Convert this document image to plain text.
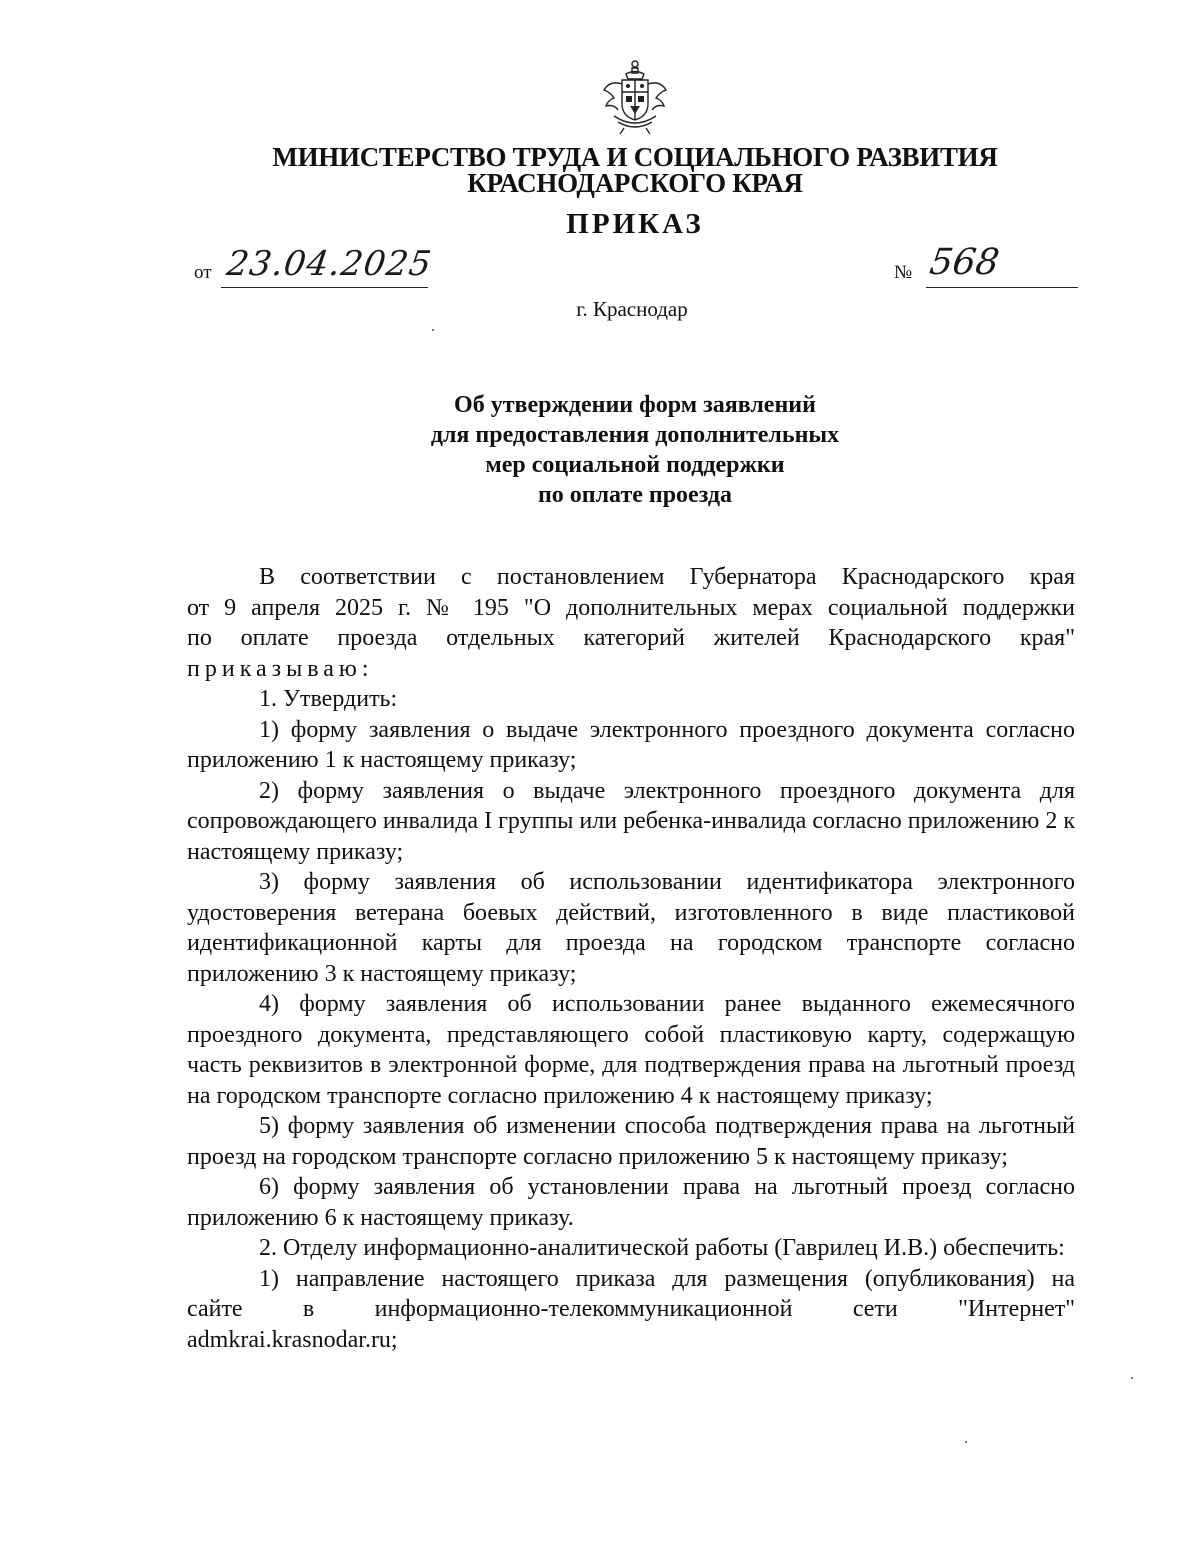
МИНИСТЕРСТВО ТРУДА И СОЦИАЛЬНОГО РАЗВИТИЯ
КРАСНОДАРСКОГО КРАЯ
ПРИКАЗ
от 23.04.2025	№ 568
г. Краснодар
Об утверждении форм заявлений
для предоставления дополнительных
мер социальной поддержки
по оплате проезда
В соответствии с постановлением Губернатора Краснодарского края
от 9 апреля 2025 г. № 195 "О дополнительных мерах социальной поддержки
по оплате проезда отдельных категорий жителей Краснодарского края"
приказываю:
1. Утвердить:
1) форму заявления о выдаче электронного проездного документа согласно приложению 1 к настоящему приказу;
2) форму заявления о выдаче электронного проездного документа для сопровождающего инвалида I группы или ребенка-инвалида согласно приложению 2 к настоящему приказу;
3) форму заявления об использовании идентификатора электронного удостоверения ветерана боевых действий, изготовленного в виде пластиковой идентификационной карты для проезда на городском транспорте согласно приложению 3 к настоящему приказу;
4) форму заявления об использовании ранее выданного ежемесячного проездного документа, представляющего собой пластиковую карту, содержащую часть реквизитов в электронной форме, для подтверждения права на льготный проезд на городском транспорте согласно приложению 4 к настоящему приказу;
5) форму заявления об изменении способа подтверждения права на льготный проезд на городском транспорте согласно приложению 5 к настоящему приказу;
6) форму заявления об установлении права на льготный проезд согласно приложению 6 к настоящему приказу.
2. Отделу информационно-аналитической работы (Гаврилец И.В.) обеспечить:
1) направление настоящего приказа для размещения (опубликования) на
сайте в информационно-телекоммуникационной сети "Интернет"
admkrai.krasnodar.ru;
